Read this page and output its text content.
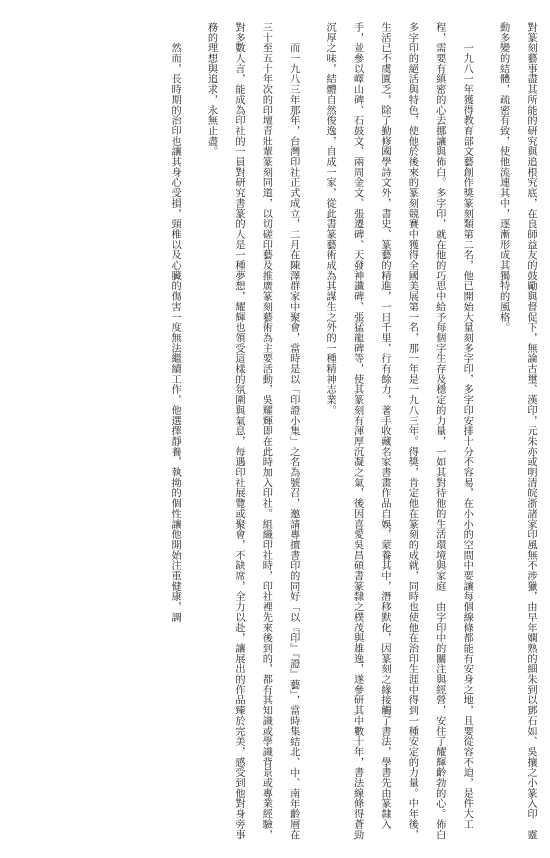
對篆刻藝事盡其所能的研究與追根究底，在良師益友的鼓勵與督促下，無論古璽、漢印，元朱亦或明清皖浙諸家印風無不涉獵，由早年嫻熟的細朱到以鄧石如、吳攘之小篆入印　靈動多變的結體，疏密有致，使他流連其中，逐漸形成其獨特的風格。

　　一九八一年獲得教育部文藝創作獎篆刻類第二名，他已開始大量刻多字印，多字印安排十分不容易，在小小的空間中要讓每個線條都能有安身之地，且要從容不迫，是件大工程，需要有縝密的心去挪讓與佈白。多字印，就在他的巧思中給予每個字生存及穩定的力量，一如其對待他的生活環境與家庭　由字印中的關注與經營，安住了耀輝齡勃的心。佈白多字印的絕活與特色，使他於後來的篆刻競賽中獲得全國美展第一名，那一年是一九八三年。得獎，肯定他在篆刻的成就，同時也使他在治印生涯中得到一種安定的力量。中年後，生活已不虞匱乏，除了勤修國學詩文外，書史、篆藝的精進，一日千里，行有餘力，著手收藏名家書畫作品自娛，蒙養其中，潛移默化，因篆刻之緣接觸了書法，學書先由篆隸入手，並參以嶧山碑、石鼓文、兩周金文、張遷碑、天發神讖碑、張猛龍碑等，使其篆刻有渾厚沉凝之氣，後因喜愛吳昌碩書篆隸之樸茂與雄逸，遂參研其中數十年，書法線條得蒼勁沉厚之味，結體自然俊逸，自成一家，從此書篆藝術成為其謀生之外的一種精神志業。

　　而一九八三年那年，台灣印社正式成立，二月在陳澤群家中聚會，當時是以「印證小集」之名為號召，邀請專擅書印的同好「以『印』『證』藝」，當時集結北、中、南年齡層在三十至五十年次的印壇青壯輩篆刻同道，以切磋印藝及推廣篆刻藝術為主要活動，吳耀輝即在此時加入印社。組織印社時，印社裡先來後到的，都有其知識或學識背景或專業經驗，對多數人言，能成為印社的一員對研究書篆的人是一種夢想，耀輝也領受這樣的氛圍與氣息，每遇印社展覽或聚會，不缺席，全力以赴，讓展出的作品臻於完美，感受到他對身旁事務的理想與追求，永無止盡。

　　然而，長時期的治印也讓其身心受損，頸椎以及心臟的傷害一度無法繼續工作，他選擇靜養，執拗的個性讓他開始注重健康，調
